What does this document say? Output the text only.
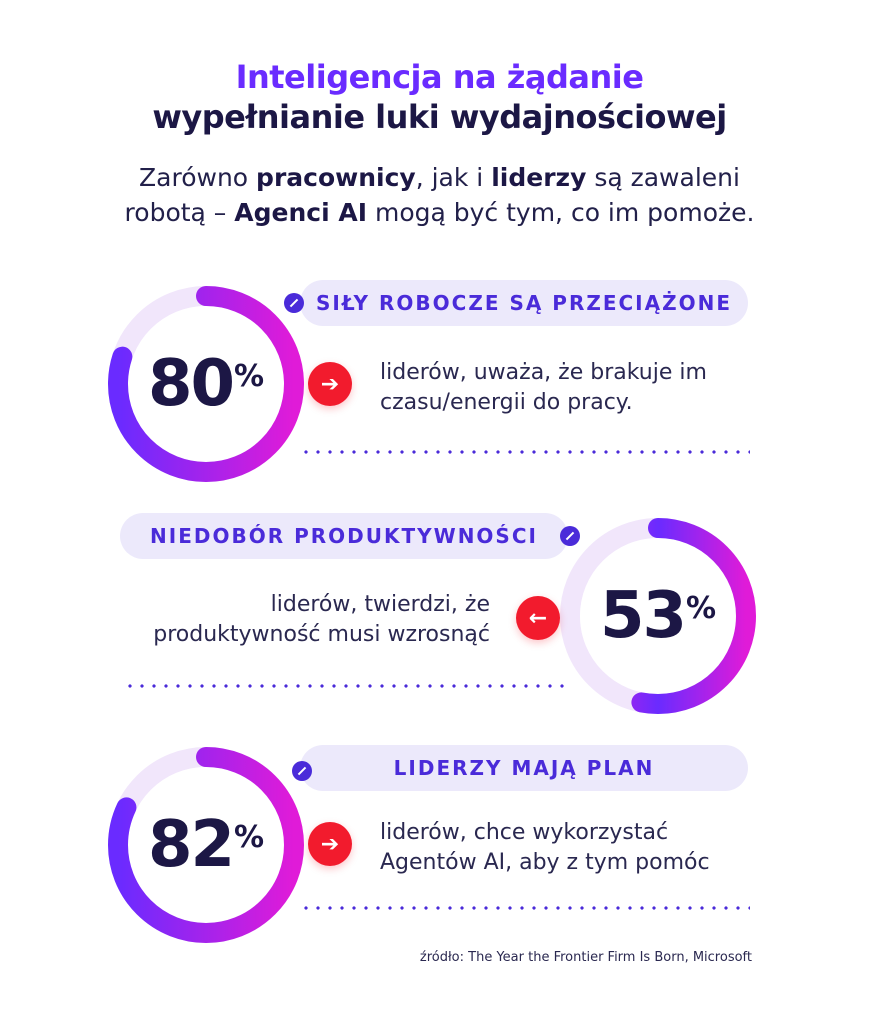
Inteligencja na żądanie
wypełnianie luki wydajnościowej
Zarówno pracownicy, jak i liderzy są zawaleni
robotą – Agenci AI mogą być tym, co im pomoże.
SIŁY ROBOCZE SĄ PRZECIĄŻONE
80%	➔	liderów, uważa, że brakuje im
czasu/energii do pracy.
NIEDOBÓR PRODUKTYWNOŚCI
53%
←
liderów, twierdzi, że
produktywność musi wzrosnąć
LIDERZY MAJĄ PLAN
82%	➔	liderów, chce wykorzystać
Agentów AI, aby z tym pomóc
źródło: The Year the Frontier Firm Is Born, Microsoft
